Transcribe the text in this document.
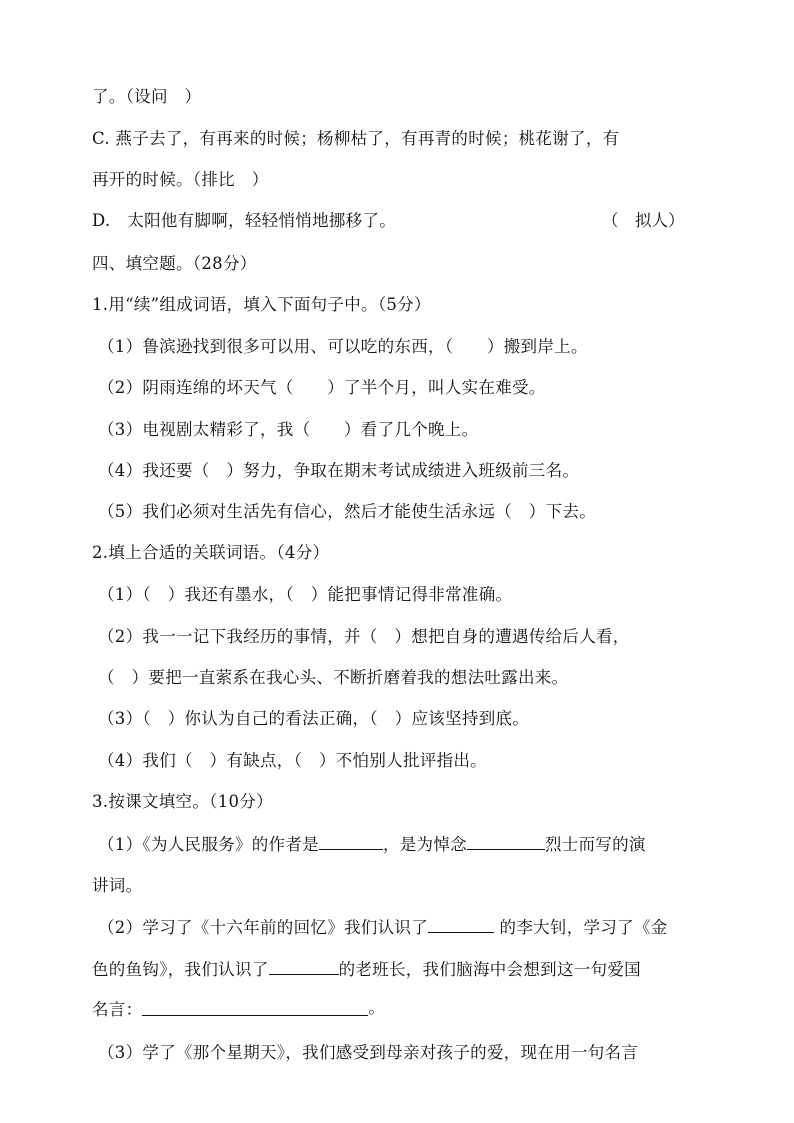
了。（设问　）
C. 燕子去了，有再来的时候；杨柳枯了，有再青的时候；桃花谢了，有
再开的时候。（排比　）
D.　太阳他有脚啊，轻轻悄悄地挪移了。	（　拟人）
四、填空题。（28分）
1.用“续”组成词语，填入下面句子中。（5分）
（1）鲁滨逊找到很多可以用、可以吃的东西，（　　）搬到岸上。
（2）阴雨连绵的坏天气（　　）了半个月，叫人实在难受。
（3）电视剧太精彩了，我（　　）看了几个晚上。
（4）我还要（　）努力，争取在期末考试成绩进入班级前三名。
（5）我们必须对生活先有信心，然后才能使生活永远（　）下去。
2.填上合适的关联词语。（4分）
（1）（　）我还有墨水，（　）能把事情记得非常准确。
（2）我一一记下我经历的事情，并（　）想把自身的遭遇传给后人看，
（　）要把一直萦系在我心头、不断折磨着我的想法吐露出来。
（3）（　）你认为自己的看法正确，（　）应该坚持到底。
（4）我们（　）有缺点，（　）不怕别人批评指出。
3.按课文填空。（10分）
（1）《为人民服务》的作者是	，是为悼念	烈士而写的演
讲词。
（2）学习了《十六年前的回忆》我们认识了	的李大钊，学习了《金
色的鱼钩》，我们认识了	的老班长，我们脑海中会想到这一句爱国
名言：	。
（3）学了《那个星期天》，我们感受到母亲对孩子的爱，现在用一句名言
